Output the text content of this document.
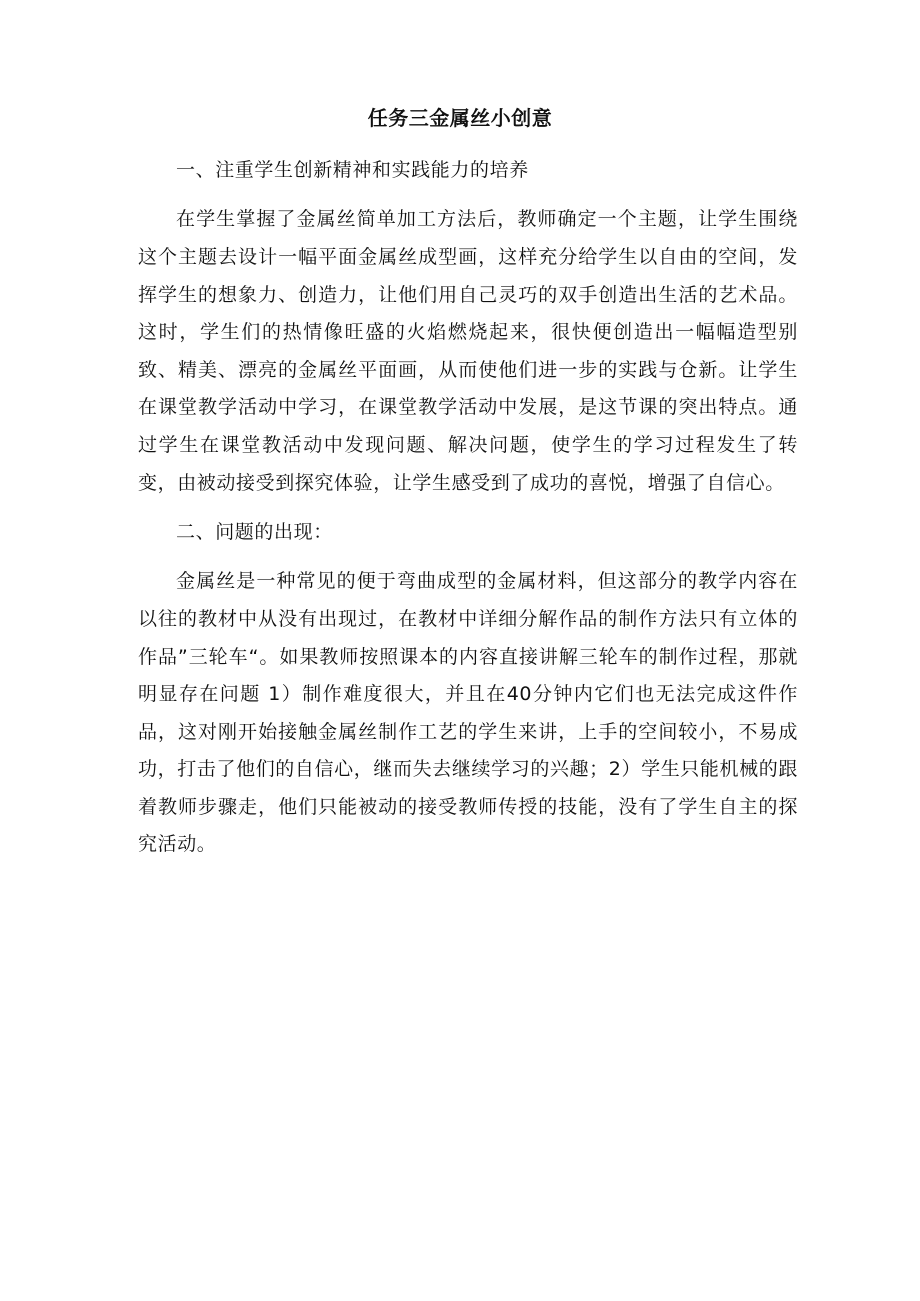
任务三金属丝小创意

一、注重学生创新精神和实践能力的培养

在学生掌握了金属丝简单加工方法后，教师确定一个主题，让学生围绕这个主题去设计一幅平面金属丝成型画，这样充分给学生以自由的空间，发挥学生的想象力、创造力，让他们用自己灵巧的双手创造出生活的艺术品。这时，学生们的热情像旺盛的火焰燃烧起来，很快便创造出一幅幅造型别致、精美、漂亮的金属丝平面画，从而使他们进一步的实践与仓新。让学生在课堂教学活动中学习，在课堂教学活动中发展，是这节课的突出特点。通过学生在课堂教活动中发现问题、解决问题，使学生的学习过程发生了转变，由被动接受到探究体验，让学生感受到了成功的喜悦，增强了自信心。

二、问题的出现：

金属丝是一种常见的便于弯曲成型的金属材料，但这部分的教学内容在以往的教材中从没有出现过，在教材中详细分解作品的制作方法只有立体的作品”三轮车“。如果教师按照课本的内容直接讲解三轮车的制作过程，那就明显存在问题 1）制作难度很大，并且在40分钟内它们也无法完成这件作品，这对刚开始接触金属丝制作工艺的学生来讲，上手的空间较小，不易成功，打击了他们的自信心，继而失去继续学习的兴趣；2）学生只能机械的跟着教师步骤走，他们只能被动的接受教师传授的技能，没有了学生自主的探究活动。
